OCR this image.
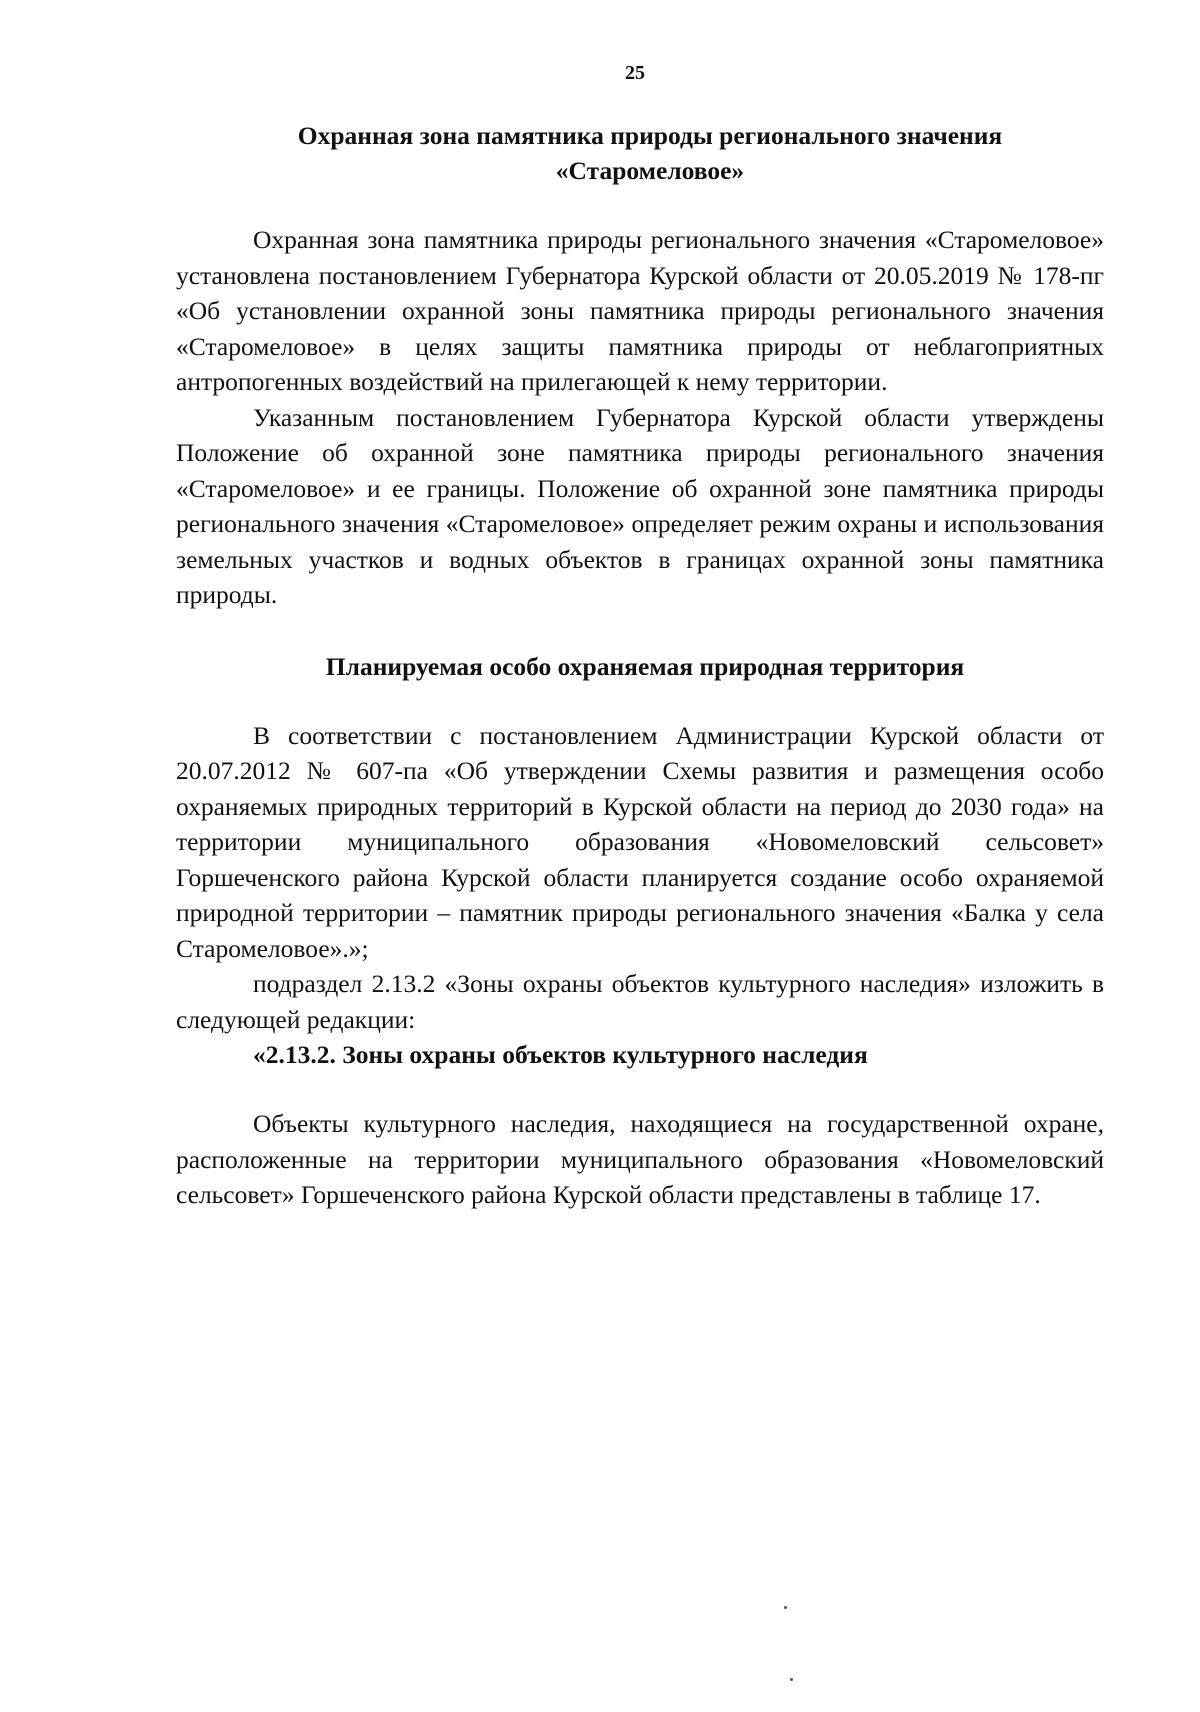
25

Охранная зона памятника природы регионального значения
«Старомеловое»

Охранная зона памятника природы регионального значения «Старомеловое» установлена постановлением Губернатора Курской области от 20.05.2019 № 178-пг «Об установлении охранной зоны памятника природы регионального значения «Старомеловое» в целях защиты памятника природы от неблагоприятных антропогенных воздействий на прилегающей к нему территории.

Указанным постановлением Губернатора Курской области утверждены Положение об охранной зоне памятника природы регионального значения «Старомеловое» и ее границы. Положение об охранной зоне памятника природы регионального значения «Старомеловое» определяет режим охраны и использования земельных участков и водных объектов в границах охранной зоны памятника природы.

Планируемая особо охраняемая природная территория

В соответствии с постановлением Администрации Курской области от 20.07.2012 № 607-па «Об утверждении Схемы развития и размещения особо охраняемых природных территорий в Курской области на период до 2030 года» на территории муниципального образования «Новомеловский сельсовет» Горшеченского района Курской области планируется создание особо охраняемой природной территории – памятник природы регионального значения «Балка у села Старомеловое».»;

подраздел 2.13.2 «Зоны охраны объектов культурного наследия» изложить в следующей редакции:

«2.13.2. Зоны охраны объектов культурного наследия

Объекты культурного наследия, находящиеся на государственной охране, расположенные на территории муниципального образования «Новомеловский сельсовет» Горшеченского района Курской области представлены в таблице 17.
